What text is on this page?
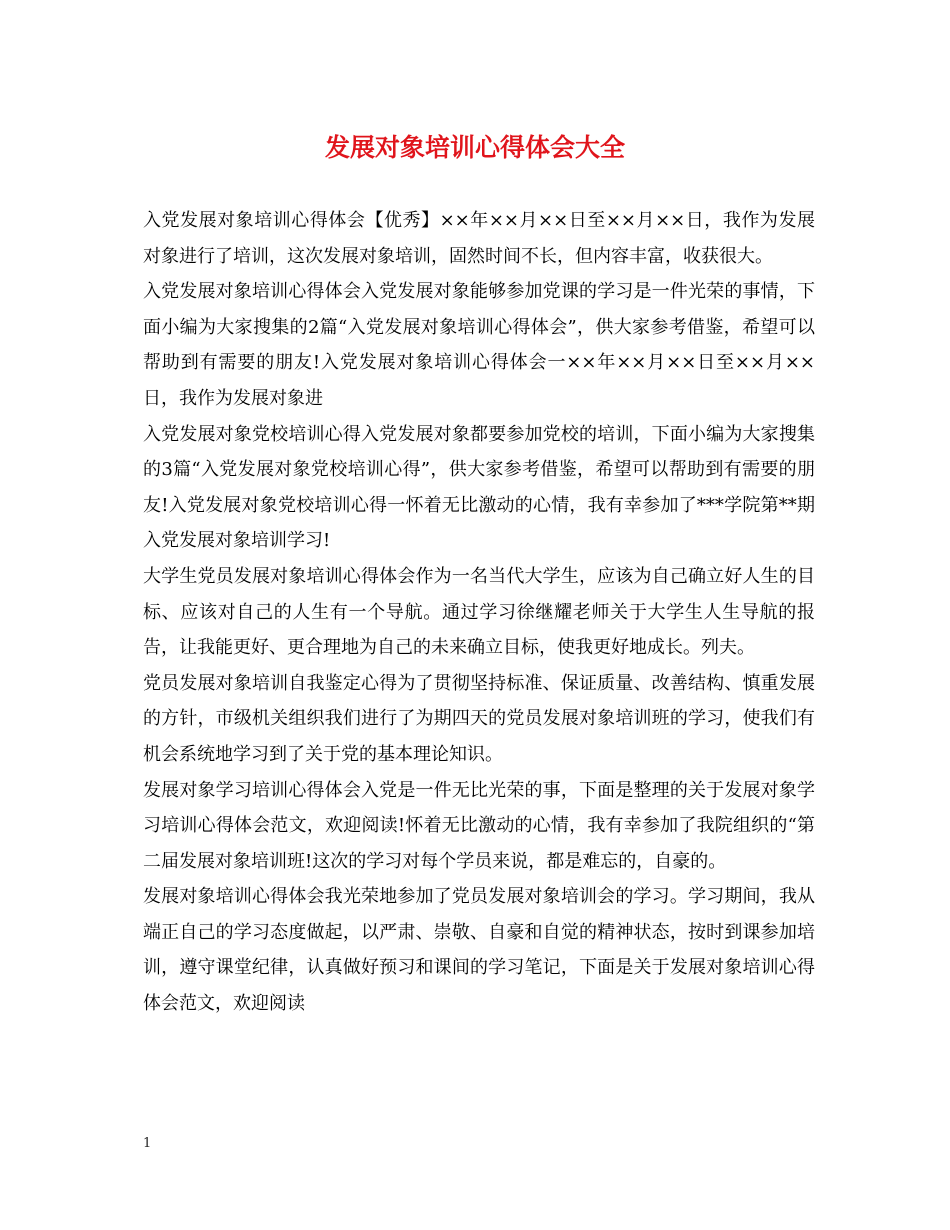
发展对象培训心得体会大全

入党发展对象培训心得体会【优秀】××年××月××日至××月××日，我作为发展对象进行了培训，这次发展对象培训，固然时间不长，但内容丰富，收获很大。

入党发展对象培训心得体会入党发展对象能够参加党课的学习是一件光荣的事情，下面小编为大家搜集的2篇“入党发展对象培训心得体会”，供大家参考借鉴，希望可以帮助到有需要的朋友!入党发展对象培训心得体会一××年××月××日至××月××日，我作为发展对象进

入党发展对象党校培训心得入党发展对象都要参加党校的培训，下面小编为大家搜集的3篇“入党发展对象党校培训心得”，供大家参考借鉴，希望可以帮助到有需要的朋友!入党发展对象党校培训心得一怀着无比激动的心情，我有幸参加了***学院第**期入党发展对象培训学习!

大学生党员发展对象培训心得体会作为一名当代大学生，应该为自己确立好人生的目标、应该对自己的人生有一个导航。通过学习徐继耀老师关于大学生人生导航的报告，让我能更好、更合理地为自己的未来确立目标，使我更好地成长。列夫。

党员发展对象培训自我鉴定心得为了贯彻坚持标准、保证质量、改善结构、慎重发展的方针，市级机关组织我们进行了为期四天的党员发展对象培训班的学习，使我们有机会系统地学习到了关于党的基本理论知识。

发展对象学习培训心得体会入党是一件无比光荣的事，下面是整理的关于发展对象学习培训心得体会范文，欢迎阅读!怀着无比激动的心情，我有幸参加了我院组织的“第二届发展对象培训班!这次的学习对每个学员来说，都是难忘的，自豪的。

发展对象培训心得体会我光荣地参加了党员发展对象培训会的学习。学习期间，我从端正自己的学习态度做起，以严肃、崇敬、自豪和自觉的精神状态，按时到课参加培训，遵守课堂纪律，认真做好预习和课间的学习笔记，下面是关于发展对象培训心得体会范文，欢迎阅读

1
